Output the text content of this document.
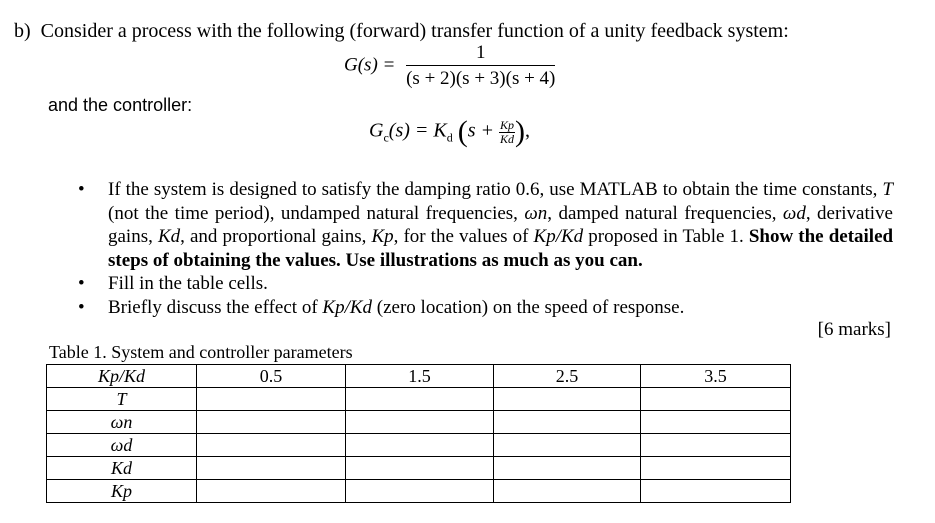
b) Consider a process with the following (forward) transfer function of a unity feedback system:
$G(s) = \frac{1}{(s + 2)(s + 3)(s + 4)}$
and the controller:
$G_c(s) = K_d$ ($s + \frac{Kp}{Kd}$ ),
• If the system is designed to satisfy the damping ratio 0.6, use MATLAB to obtain the time constants, T (not the time period), undamped natural frequencies, ωn, damped natural frequencies, ωd, derivative gains, Kd, and proportional gains, Kp, for the values of Kp/Kd proposed in Table 1. Show the detailed steps of obtaining the values. Use illustrations as much as you can.
• Fill in the table cells.
• Briefly discuss the effect of Kp/Kd (zero location) on the speed of response.
[6 marks]
Table 1. System and controller parameters
Kp/Kd	0.5	1.5	2.5	3.5
T				
ωn				
ωd				
Kd				
Kp				
